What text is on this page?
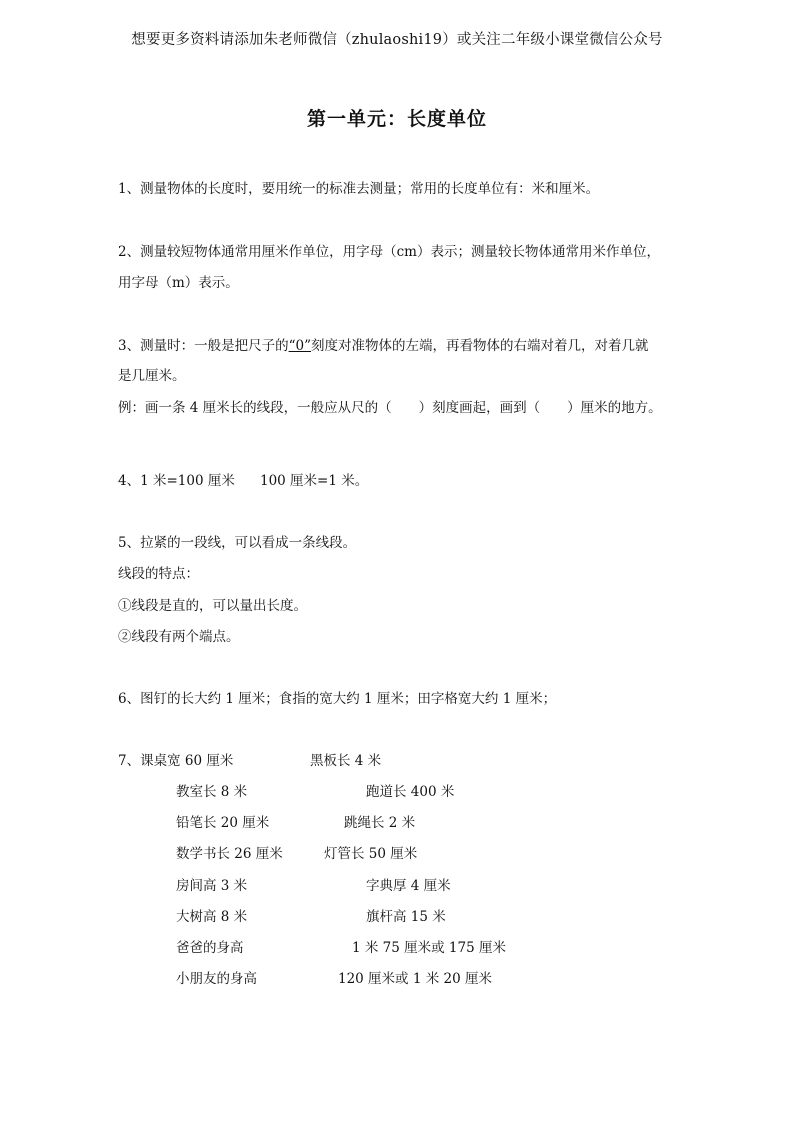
想要更多资料请添加朱老师微信（zhulaoshi19）或关注二年级小课堂微信公众号
第一单元：长度单位
1、测量物体的长度时，要用统一的标准去测量；常用的长度单位有：米和厘米。
2、测量较短物体通常用厘米作单位，用字母（cm）表示；测量较长物体通常用米作单位，
用字母（m）表示。
3、测量时：一般是把尺子的“0”刻度对准物体的左端，再看物体的右端对着几，对着几就
是几厘米。
例：画一条 4 厘米长的线段，一般应从尺的（　　）刻度画起，画到（　　）厘米的地方。
4、1 米=100 厘米 100 厘米=1 米。
5、拉紧的一段线，可以看成一条线段。
线段的特点：
①线段是直的，可以量出长度。
②线段有两个端点。
6、图钉的长大约 1 厘米；食指的宽大约 1 厘米；田字格宽大约 1 厘米；
7、课桌宽 60 厘米	黑板长 4 米
教室长 8 米	跑道长 400 米
铅笔长 20 厘米	跳绳长 2 米
数学书长 26 厘米	灯管长 50 厘米
房间高 3 米	字典厚 4 厘米
大树高 8 米	旗杆高 15 米
爸爸的身高	1 米 75 厘米或 175 厘米
小朋友的身高	120 厘米或 1 米 20 厘米
